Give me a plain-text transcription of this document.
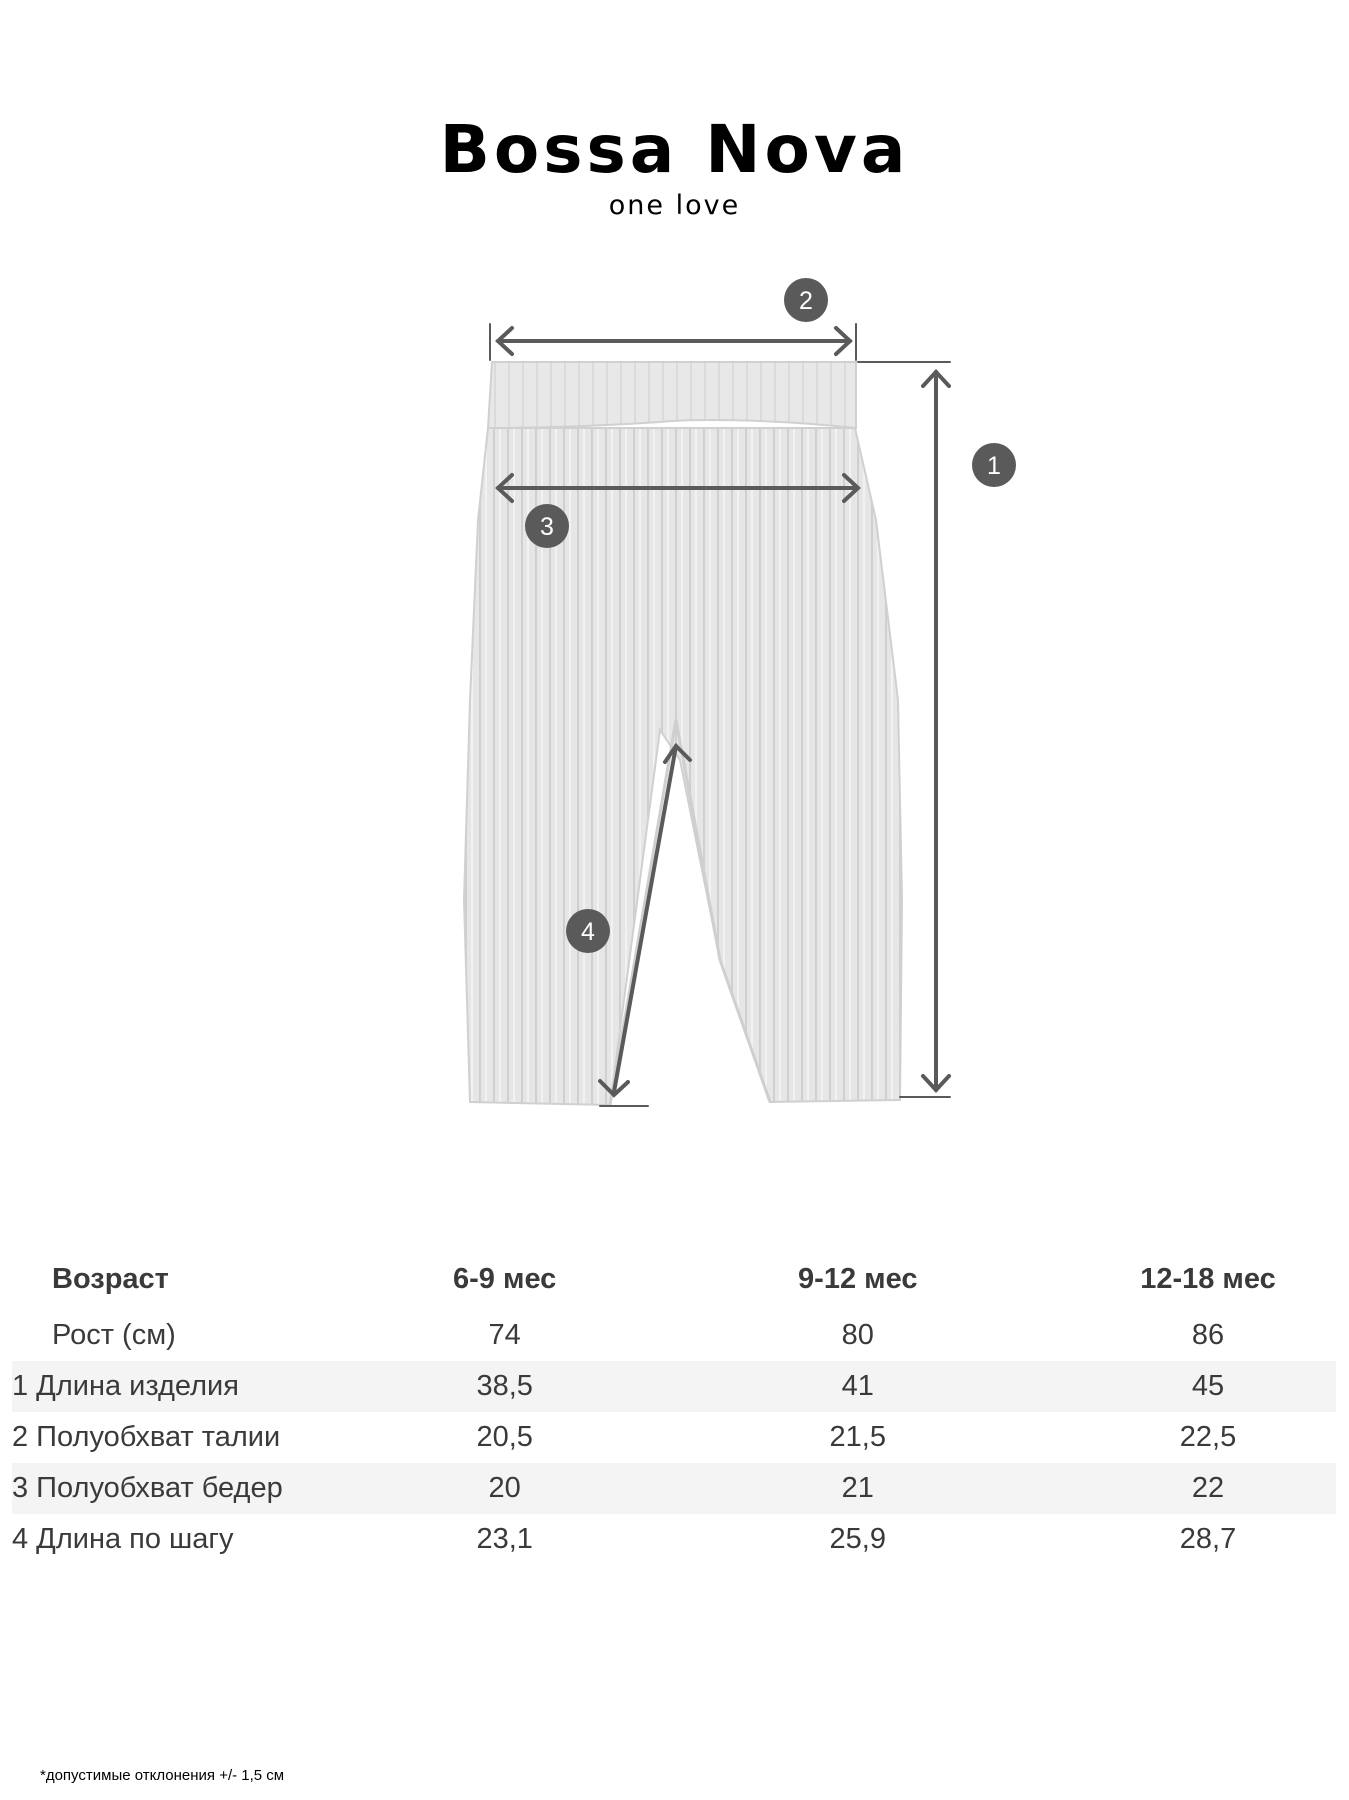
Bossa Nova
one love
2
1
3
4
Возраст	6-9 мес	9-12 мес	12-18 мес
Рост (см)	74	80	86
1 Длина изделия	38,5	41	45
2 Полуобхват талии	20,5	21,5	22,5
3 Полуобхват бедер	20	21	22
4 Длина по шагу	23,1	25,9	28,7
*допустимые отклонения +/- 1,5 см
